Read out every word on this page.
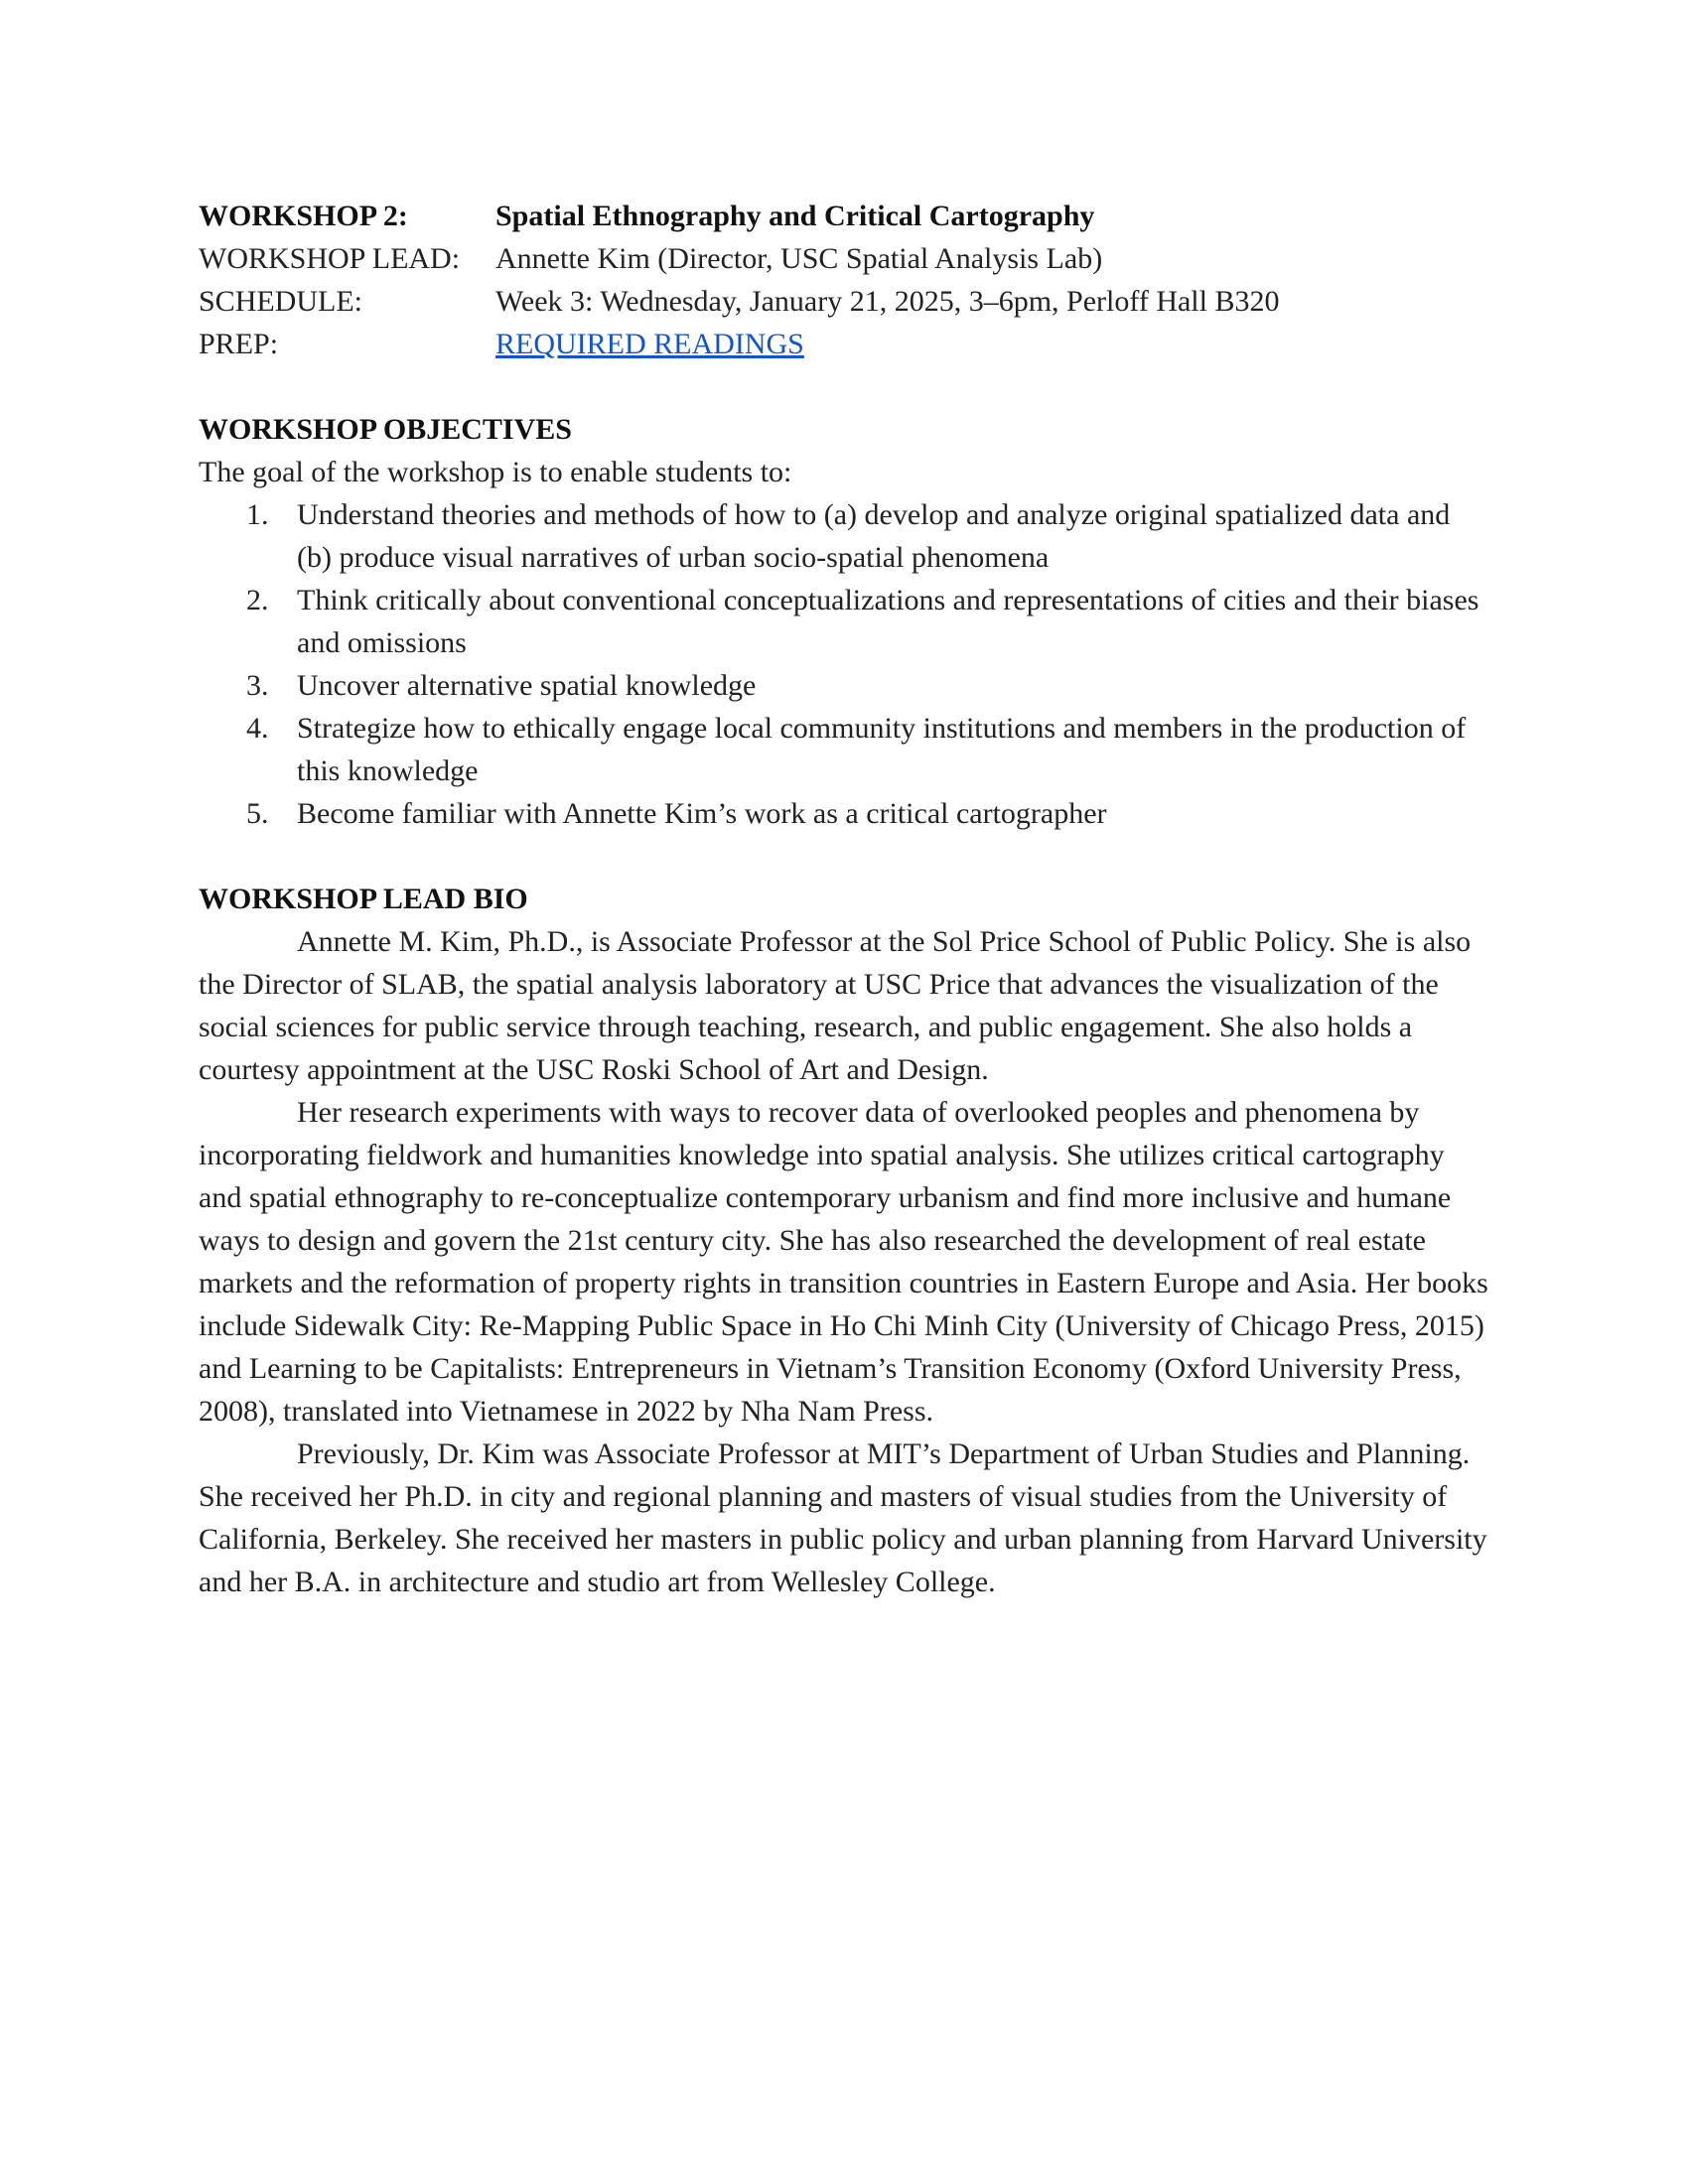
WORKSHOP 2:	Spatial Ethnography and Critical Cartography
WORKSHOP LEAD:	Annette Kim (Director, USC Spatial Analysis Lab)
SCHEDULE:	Week 3: Wednesday, January 21, 2025, 3–6pm, Perloff Hall B320
PREP:	REQUIRED READINGS
WORKSHOP OBJECTIVES
The goal of the workshop is to enable students to:
1. Understand theories and methods of how to (a) develop and analyze original spatialized data and (b) produce visual narratives of urban socio-spatial phenomena
2. Think critically about conventional conceptualizations and representations of cities and their biases and omissions
3. Uncover alternative spatial knowledge
4. Strategize how to ethically engage local community institutions and members in the production of this knowledge
5. Become familiar with Annette Kim’s work as a critical cartographer
WORKSHOP LEAD BIO

Annette M. Kim, Ph.D., is Associate Professor at the Sol Price School of Public Policy. She is also the Director of SLAB, the spatial analysis laboratory at USC Price that advances the visualization of the social sciences for public service through teaching, research, and public engagement. She also holds a courtesy appointment at the USC Roski School of Art and Design.

Her research experiments with ways to recover data of overlooked peoples and phenomena by incorporating fieldwork and humanities knowledge into spatial analysis. She utilizes critical cartography and spatial ethnography to re-conceptualize contemporary urbanism and find more inclusive and humane ways to design and govern the 21st century city. She has also researched the development of real estate markets and the reformation of property rights in transition countries in Eastern Europe and Asia. Her books include Sidewalk City: Re-Mapping Public Space in Ho Chi Minh City (University of Chicago Press, 2015) and Learning to be Capitalists: Entrepreneurs in Vietnam’s Transition Economy (Oxford University Press, 2008), translated into Vietnamese in 2022 by Nha Nam Press.

Previously, Dr. Kim was Associate Professor at MIT’s Department of Urban Studies and Planning. She received her Ph.D. in city and regional planning and masters of visual studies from the University of California, Berkeley. She received her masters in public policy and urban planning from Harvard University and her B.A. in architecture and studio art from Wellesley College.
